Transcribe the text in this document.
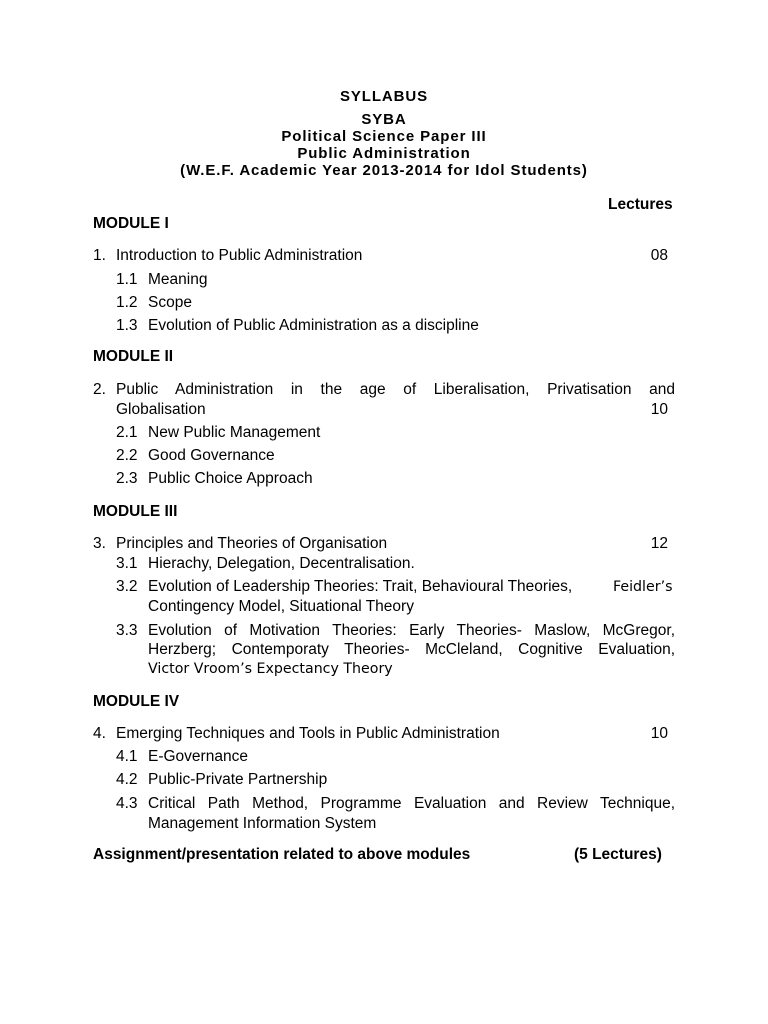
SYLLABUS
SYBA
Political Science Paper III
Public Administration
(W.E.F. Academic Year 2013-2014 for Idol Students)
Lectures
MODULE I
1. Introduction to Public Administration	08
1.1 Meaning
1.2 Scope
1.3 Evolution of Public Administration as a discipline
MODULE II
2. Public Administration in the age of Liberalisation, Privatisation and
Globalisation	10
2.1 New Public Management
2.2 Good Governance
2.3 Public Choice Approach
MODULE III
3. Principles and Theories of Organisation	12
3.1 Hierachy, Delegation, Decentralisation.
3.2 Evolution of Leadership Theories: Trait, Behavioural Theories,	Feidler’s
Contingency Model, Situational Theory
3.3 Evolution of Motivation Theories: Early Theories- Maslow, McGregor,
Herzberg; Contemporaty Theories- McCleland, Cognitive Evaluation,
Victor Vroom’s Expectancy Theory
MODULE IV
4. Emerging Techniques and Tools in Public Administration	10
4.1 E-Governance
4.2 Public-Private Partnership
4.3 Critical Path Method, Programme Evaluation and Review Technique,
Management Information System
Assignment/presentation related to above modules	(5 Lectures)
